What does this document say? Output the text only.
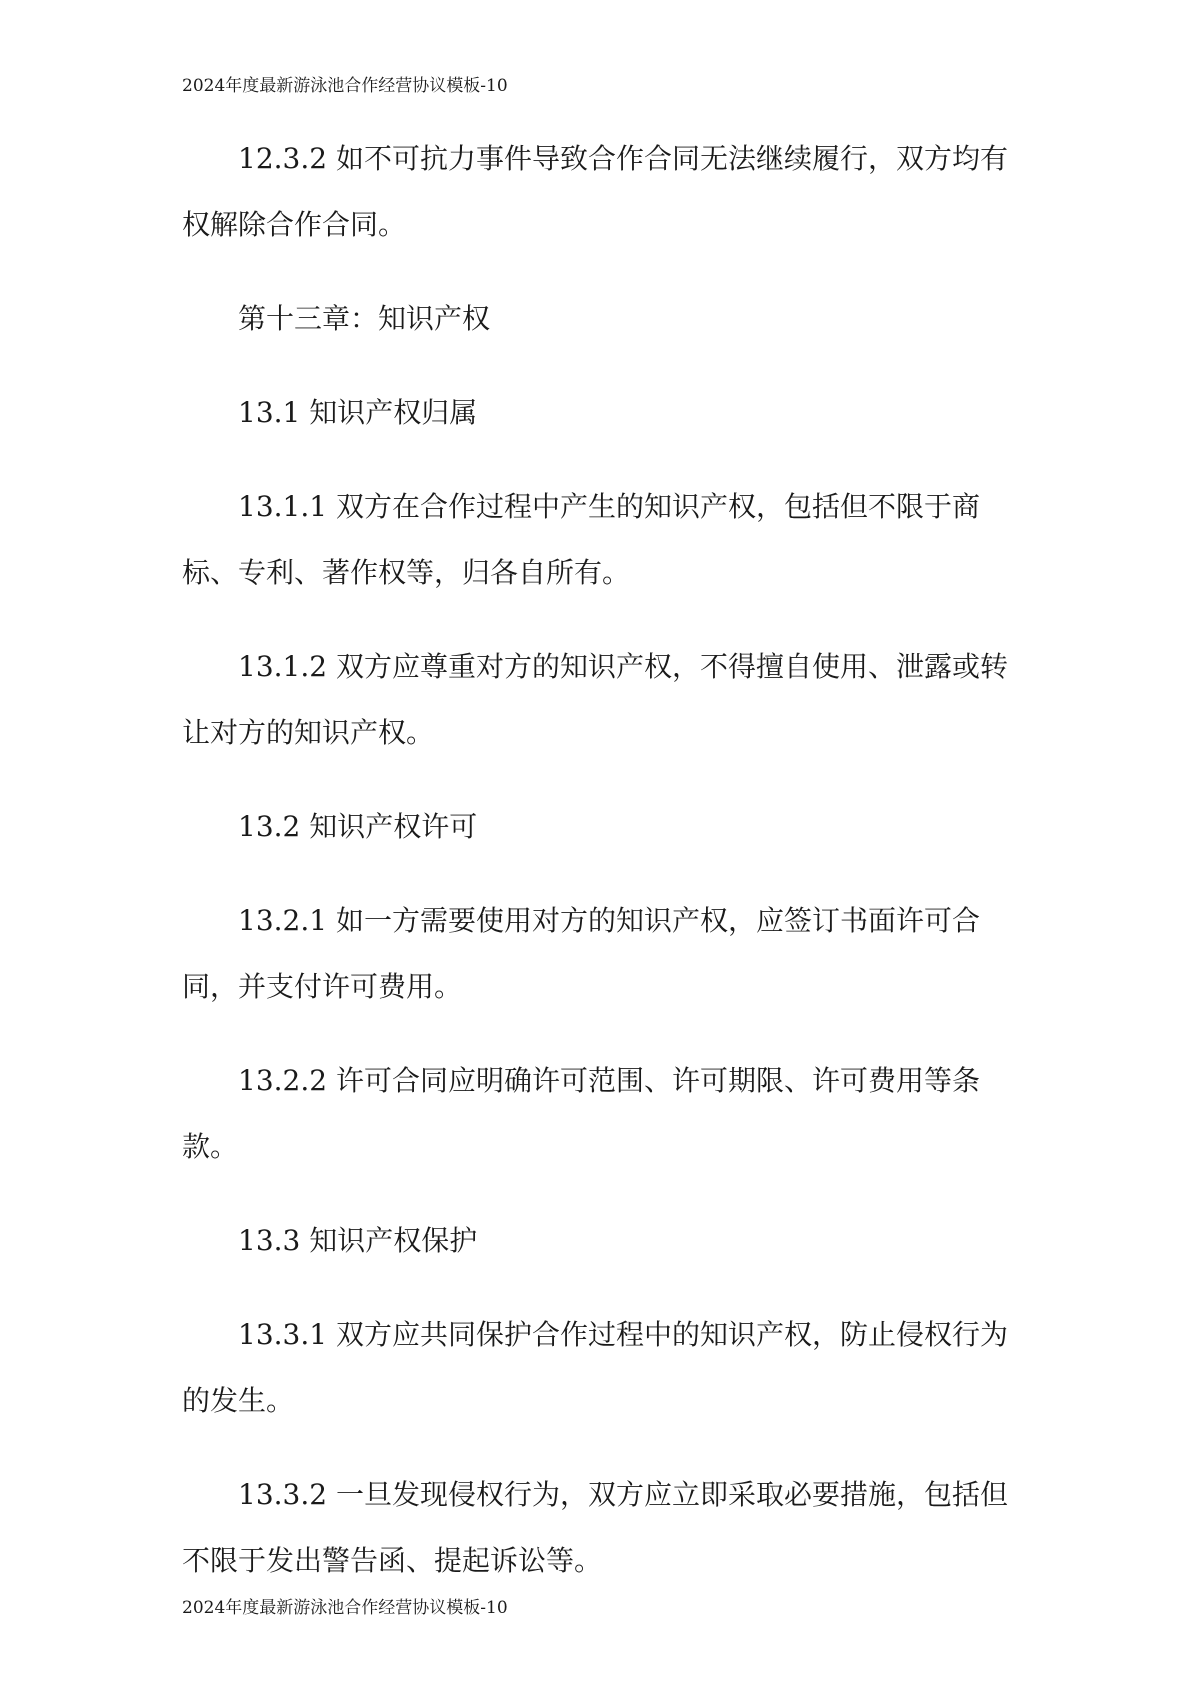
2024年度最新游泳池合作经营协议模板-10

12.3.2 如不可抗力事件导致合作合同无法继续履行，双方均有权解除合作合同。

第十三章：知识产权

13.1 知识产权归属

13.1.1 双方在合作过程中产生的知识产权，包括但不限于商标、专利、著作权等，归各自所有。

13.1.2 双方应尊重对方的知识产权，不得擅自使用、泄露或转让对方的知识产权。

13.2 知识产权许可

13.2.1 如一方需要使用对方的知识产权，应签订书面许可合同，并支付许可费用。

13.2.2 许可合同应明确许可范围、许可期限、许可费用等条款。

13.3 知识产权保护

13.3.1 双方应共同保护合作过程中的知识产权，防止侵权行为的发生。

13.3.2 一旦发现侵权行为，双方应立即采取必要措施，包括但不限于发出警告函、提起诉讼等。

2024年度最新游泳池合作经营协议模板-10
